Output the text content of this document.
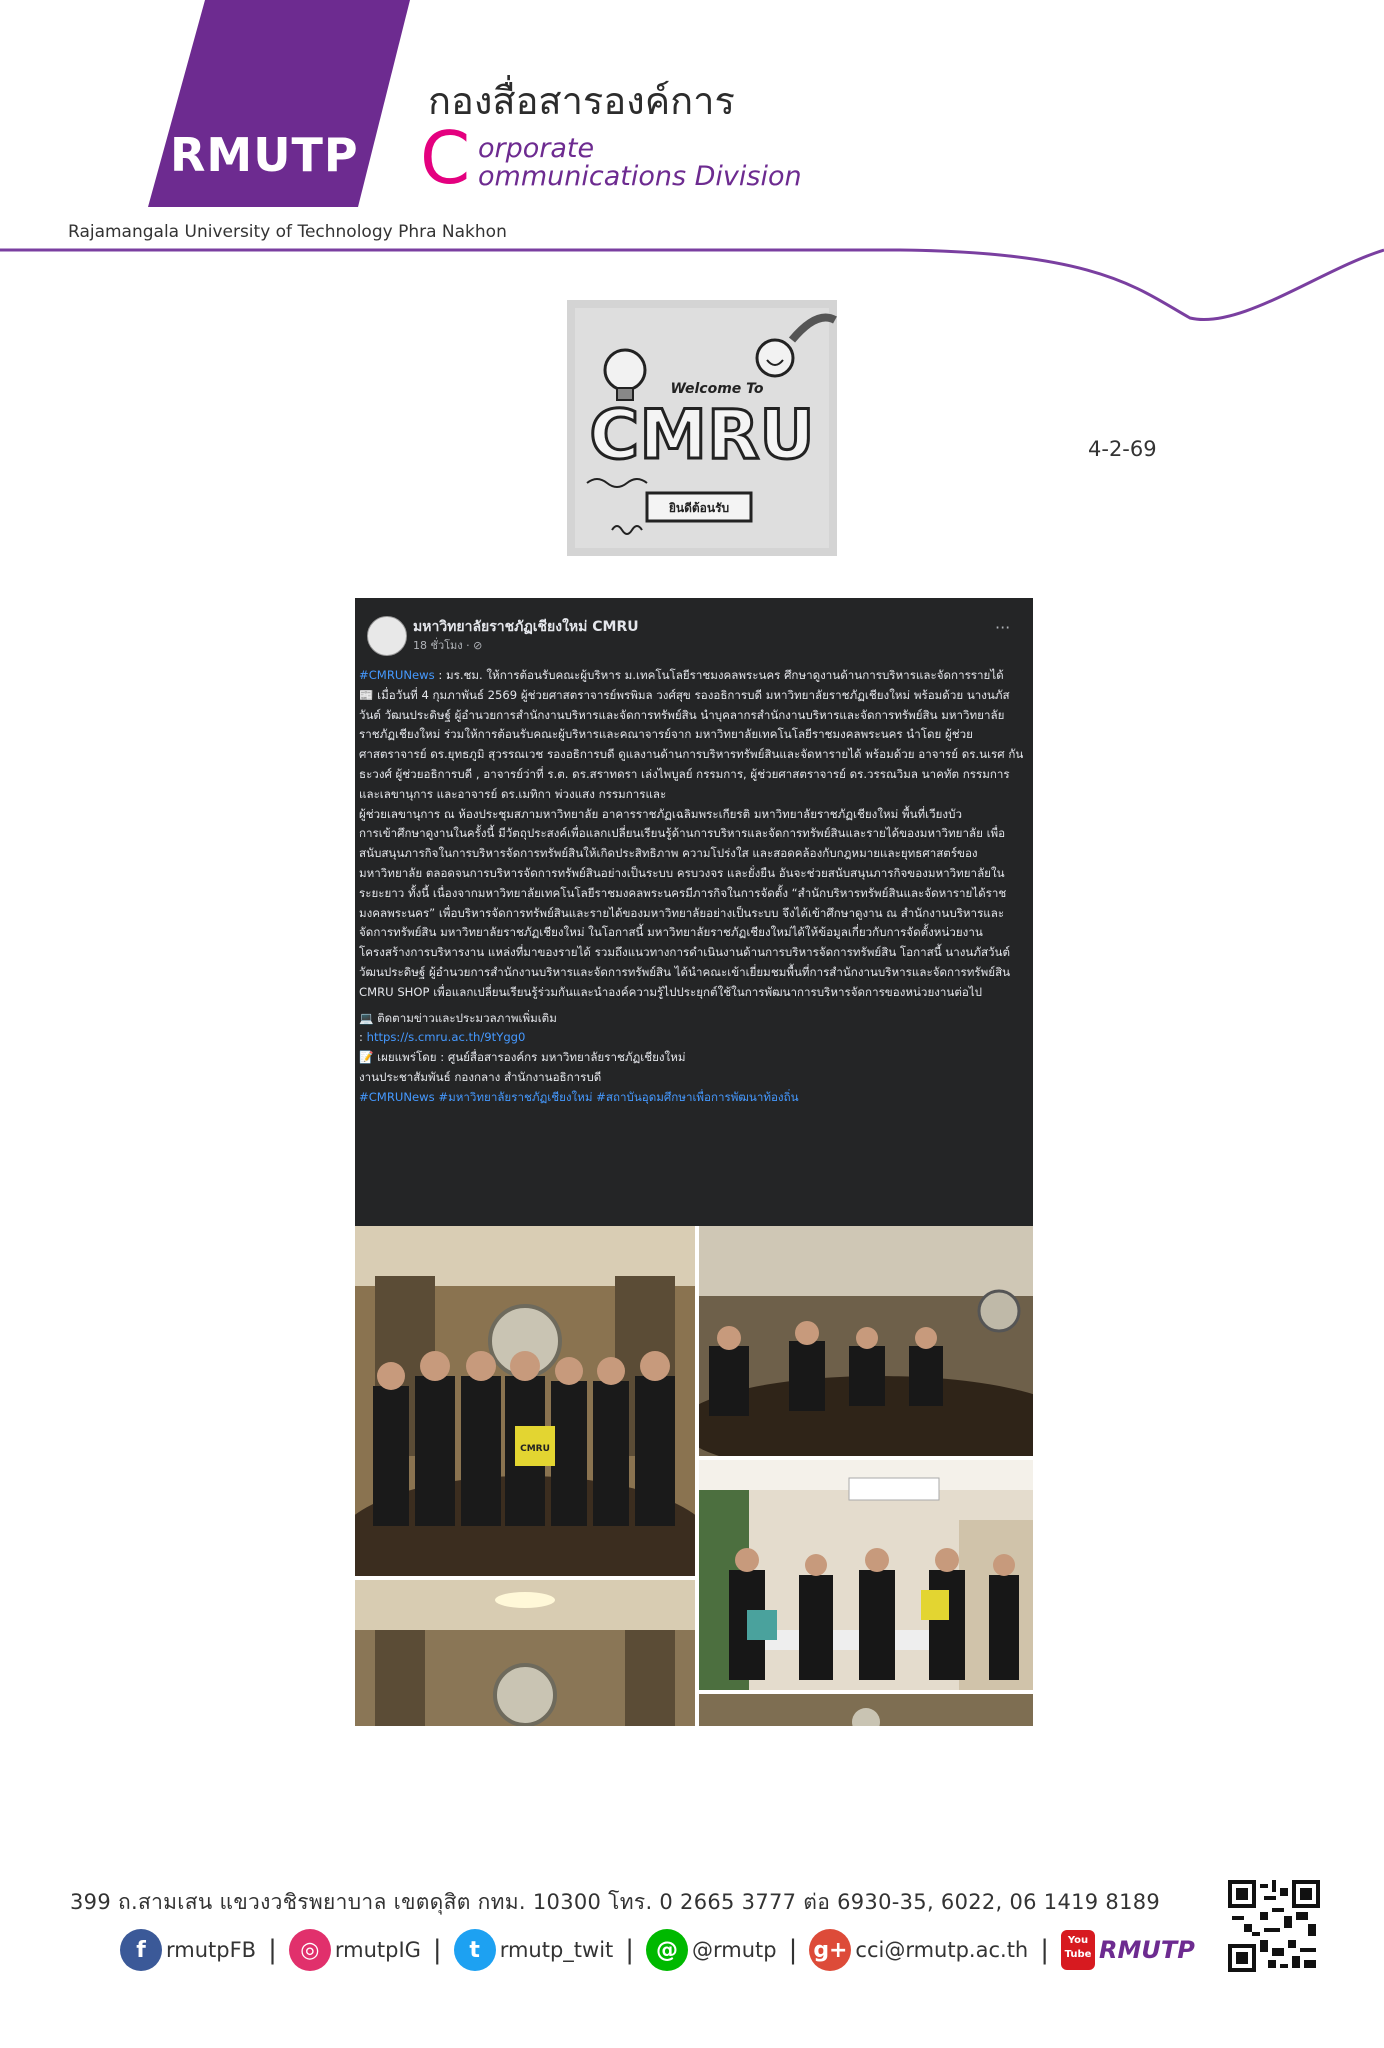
RMUTP
กองสื่อสารองค์การ
C orporate
ommunications Division
Rajamangala University of Technology Phra Nakhon
Welcome To
CMRU
ยินดีต้อนรับ
4-2-69
มหาวิทยาลัยราชภัฏเชียงใหม่ CMRU
18 ชั่วโมง · ⊘
···

#CMRUNews : มร.ชม. ให้การต้อนรับคณะผู้บริหาร ม.เทคโนโลยีราชมงคลพระนคร ศึกษาดูงานด้านการบริหารและจัดการรายได้

📰 เมื่อวันที่ 4 กุมภาพันธ์ 2569 ผู้ช่วยศาสตราจารย์พรพิมล วงศ์สุข รองอธิการบดี มหาวิทยาลัยราชภัฏเชียงใหม่ พร้อมด้วย นางนภัสวันต์ วัฒนประดิษฐ์ ผู้อำนวยการสำนักงานบริหารและจัดการทรัพย์สิน นำบุคลากรสำนักงานบริหารและจัดการทรัพย์สิน มหาวิทยาลัยราชภัฏเชียงใหม่ ร่วมให้การต้อนรับคณะผู้บริหารและคณาจารย์จาก มหาวิทยาลัยเทคโนโลยีราชมงคลพระนคร นำโดย ผู้ช่วยศาสตราจารย์ ดร.ยุทธภูมิ สุวรรณเวช รองอธิการบดี ดูแลงานด้านการบริหารทรัพย์สินและจัดหารายได้ พร้อมด้วย อาจารย์ ดร.นเรศ กันธะวงศ์ ผู้ช่วยอธิการบดี , อาจารย์ว่าที่ ร.ต. ดร.สราทดรา เล่งไพบูลย์ กรรมการ, ผู้ช่วยศาสตราจารย์ ดร.วรรณวิมล นาคทัต กรรมการและเลขานุการ และอาจารย์ ดร.เมทิกา พ่วงแสง กรรมการและ

ผู้ช่วยเลขานุการ ณ ห้องประชุมสภามหาวิทยาลัย อาคารราชภัฏเฉลิมพระเกียรติ มหาวิทยาลัยราชภัฏเชียงใหม่ พื้นที่เวียงบัว

การเข้าศึกษาดูงานในครั้งนี้ มีวัตถุประสงค์เพื่อแลกเปลี่ยนเรียนรู้ด้านการบริหารและจัดการทรัพย์สินและรายได้ของมหาวิทยาลัย เพื่อสนับสนุนภารกิจในการบริหารจัดการทรัพย์สินให้เกิดประสิทธิภาพ ความโปร่งใส และสอดคล้องกับกฎหมายและยุทธศาสตร์ของมหาวิทยาลัย ตลอดจนการบริหารจัดการทรัพย์สินอย่างเป็นระบบ ครบวงจร และยั่งยืน อันจะช่วยสนับสนุนภารกิจของมหาวิทยาลัยในระยะยาว ทั้งนี้ เนื่องจากมหาวิทยาลัยเทคโนโลยีราชมงคลพระนครมีภารกิจในการจัดตั้ง “สำนักบริหารทรัพย์สินและจัดหารายได้ราชมงคลพระนคร” เพื่อบริหารจัดการทรัพย์สินและรายได้ของมหาวิทยาลัยอย่างเป็นระบบ จึงได้เข้าศึกษาดูงาน ณ สำนักงานบริหารและจัดการทรัพย์สิน มหาวิทยาลัยราชภัฏเชียงใหม่ ในโอกาสนี้ มหาวิทยาลัยราชภัฏเชียงใหม่ได้ให้ข้อมูลเกี่ยวกับการจัดตั้งหน่วยงาน โครงสร้างการบริหารงาน แหล่งที่มาของรายได้ รวมถึงแนวทางการดำเนินงานด้านการบริหารจัดการทรัพย์สิน โอกาสนี้ นางนภัสวันต์ วัฒนประดิษฐ์ ผู้อำนวยการสำนักงานบริหารและจัดการทรัพย์สิน ได้นำคณะเข้าเยี่ยมชมพื้นที่การสำนักงานบริหารและจัดการทรัพย์สิน CMRU SHOP เพื่อแลกเปลี่ยนเรียนรู้ร่วมกันและนำองค์ความรู้ไปประยุกต์ใช้ในการพัฒนาการบริหารจัดการของหน่วยงานต่อไป

💻 ติดตามข่าวและประมวลภาพเพิ่มเติม

: https://s.cmru.ac.th/9tYgg0

📝 เผยแพร่โดย : ศูนย์สื่อสารองค์กร มหาวิทยาลัยราชภัฏเชียงใหม่

งานประชาสัมพันธ์ กองกลาง สำนักงานอธิการบดี

#CMRUNews #มหาวิทยาลัยราชภัฏเชียงใหม่ #สถาบันอุดมศึกษาเพื่อการพัฒนาท้องถิ่น

CMRU
399 ถ.สามเสน แขวงวชิรพยาบาล เขตดุสิต กทม. 10300 โทร. 0 2665 3777 ต่อ 6930-35, 6022, 06 1419 8189
f rmutpFB |	◎ rmutpIG |	t rmutp_twit |	@ @rmutp | g+ cci@rmutp.ac.th |	You
Tube RMUTP
